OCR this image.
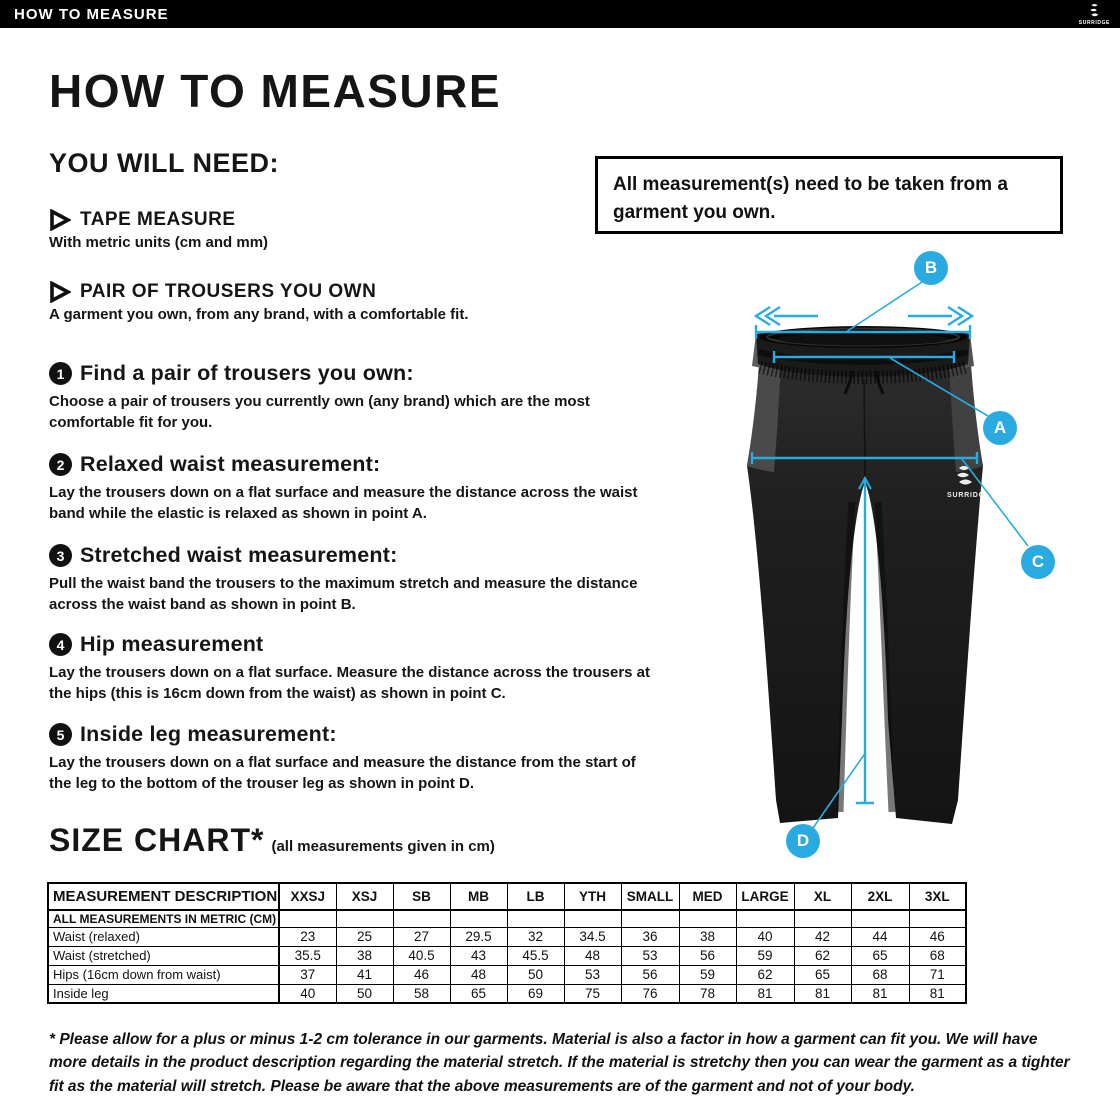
HOW TO MEASURE	SURRIDGE
HOW TO MEASURE
YOU WILL NEED:
TAPE MEASURE
With metric units (cm and mm)
PAIR OF TROUSERS YOU OWN
A garment you own, from any brand, with a comfortable fit.
1 Find a pair of trousers you own:
Choose a pair of trousers you currently own (any brand) which are the most comfortable fit for you.
2 Relaxed waist measurement:
Lay the trousers down on a flat surface and measure the distance across the waist band while the elastic is relaxed as shown in point A.
3 Stretched waist measurement:
Pull the waist band the trousers to the maximum stretch and measure the distance across the waist band as shown in point B.
4 Hip measurement
Lay the trousers down on a flat surface. Measure the distance across the trousers at the hips (this is 16cm down from the waist) as shown in point C.
5 Inside leg measurement:
Lay the trousers down on a flat surface and measure the distance from the start of the leg to the bottom of the trouser leg as shown in point D.
All measurement(s) need to be taken from a garment you own.
SURRIDGE
A
B
C
D
SIZE CHART* (all measurements given in cm)
MEASUREMENT DESCRIPTION	XXSJ	XSJ	SB	MB	LB	YTH	SMALL	MED	LARGE	XL	2XL	3XL
ALL MEASUREMENTS IN METRIC (CM)												
Waist (relaxed)	23	25	27	29.5	32	34.5	36	38	40	42	44	46
Waist (stretched)	35.5	38	40.5	43	45.5	48	53	56	59	62	65	68
Hips (16cm down from waist)	37	41	46	48	50	53	56	59	62	65	68	71
Inside leg	40	50	58	65	69	75	76	78	81	81	81	81
* Please allow for a plus or minus 1-2 cm tolerance in our garments. Material is also a factor in how a garment can fit you. We will have more details in the product description regarding the material stretch. If the material is stretchy then you can wear the garment as a tighter fit as the material will stretch. Please be aware that the above measurements are of the garment and not of your body.
